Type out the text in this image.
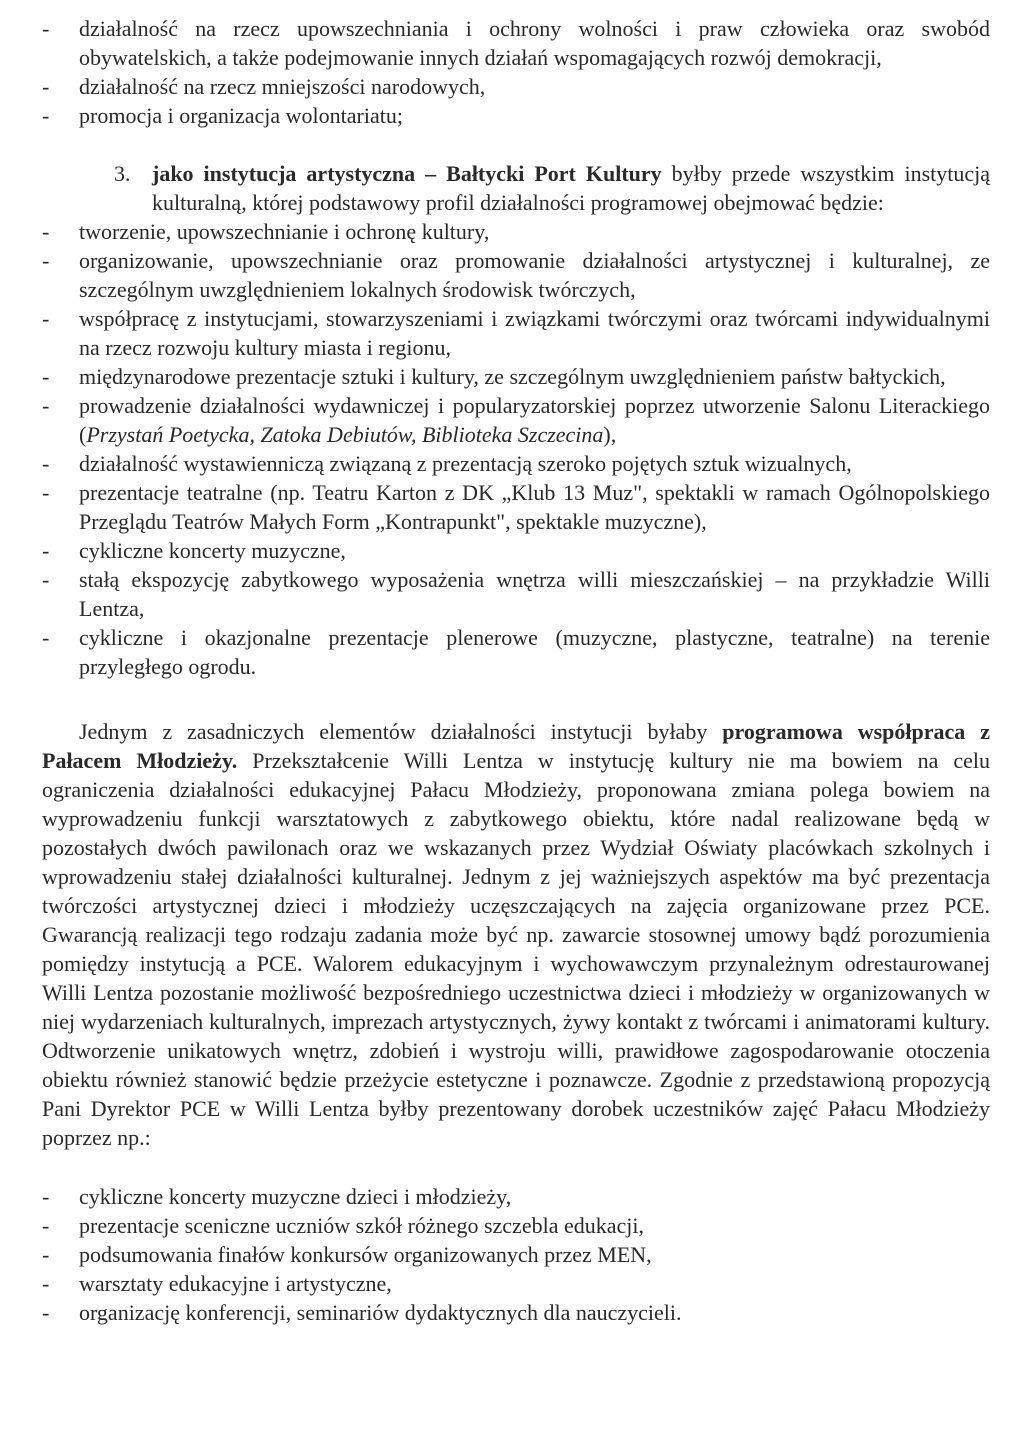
- działalność na rzecz upowszechniania i ochrony wolności i praw człowieka oraz swobód obywatelskich, a także podejmowanie innych działań wspomagających rozwój demokracji,
- działalność na rzecz mniejszości narodowych,
- promocja i organizacja wolontariatu;

3. jako instytucja artystyczna – Bałtycki Port Kultury byłby przede wszystkim instytucją kulturalną, której podstawowy profil działalności programowej obejmować będzie:

- tworzenie, upowszechnianie i ochronę kultury,
- organizowanie, upowszechnianie oraz promowanie działalności artystycznej i kulturalnej, ze szczególnym uwzględnieniem lokalnych środowisk twórczych,
- współpracę z instytucjami, stowarzyszeniami i związkami twórczymi oraz twórcami indywidualnymi na rzecz rozwoju kultury miasta i regionu,
- międzynarodowe prezentacje sztuki i kultury, ze szczególnym uwzględnieniem państw bałtyckich,
- prowadzenie działalności wydawniczej i popularyzatorskiej poprzez utworzenie Salonu Literackiego (Przystań Poetycka, Zatoka Debiutów, Biblioteka Szczecina),
- działalność wystawienniczą związaną z prezentacją szeroko pojętych sztuk wizualnych,
- prezentacje teatralne (np. Teatru Karton z DK „Klub 13 Muz", spektakli w ramach Ogólnopolskiego Przeglądu Teatrów Małych Form „Kontrapunkt", spektakle muzyczne),
- cykliczne koncerty muzyczne,
- stałą ekspozycję zabytkowego wyposażenia wnętrza willi mieszczańskiej – na przykładzie Willi Lentza,
- cykliczne i okazjonalne prezentacje plenerowe (muzyczne, plastyczne, teatralne) na terenie przyległego ogrodu.

Jednym z zasadniczych elementów działalności instytucji byłaby programowa współpraca z Pałacem Młodzieży. Przekształcenie Willi Lentza w instytucję kultury nie ma bowiem na celu ograniczenia działalności edukacyjnej Pałacu Młodzieży, proponowana zmiana polega bowiem na wyprowadzeniu funkcji warsztatowych z zabytkowego obiektu, które nadal realizowane będą w pozostałych dwóch pawilonach oraz we wskazanych przez Wydział Oświaty placówkach szkolnych i wprowadzeniu stałej działalności kulturalnej. Jednym z jej ważniejszych aspektów ma być prezentacja twórczości artystycznej dzieci i młodzieży uczęszczających na zajęcia organizowane przez PCE. Gwarancją realizacji tego rodzaju zadania może być np. zawarcie stosownej umowy bądź porozumienia pomiędzy instytucją a PCE. Walorem edukacyjnym i wychowawczym przynależnym odrestaurowanej Willi Lentza pozostanie możliwość bezpośredniego uczestnictwa dzieci i młodzieży w organizowanych w niej wydarzeniach kulturalnych, imprezach artystycznych, żywy kontakt z twórcami i animatorami kultury. Odtworzenie unikatowych wnętrz, zdobień i wystroju willi, prawidłowe zagospodarowanie otoczenia obiektu również stanowić będzie przeżycie estetyczne i poznawcze. Zgodnie z przedstawioną propozycją Pani Dyrektor PCE w Willi Lentza byłby prezentowany dorobek uczestników zajęć Pałacu Młodzieży poprzez np.:

- cykliczne koncerty muzyczne dzieci i młodzieży,
- prezentacje sceniczne uczniów szkół różnego szczebla edukacji,
- podsumowania finałów konkursów organizowanych przez MEN,
- warsztaty edukacyjne i artystyczne,
- organizację konferencji, seminariów dydaktycznych dla nauczycieli.
